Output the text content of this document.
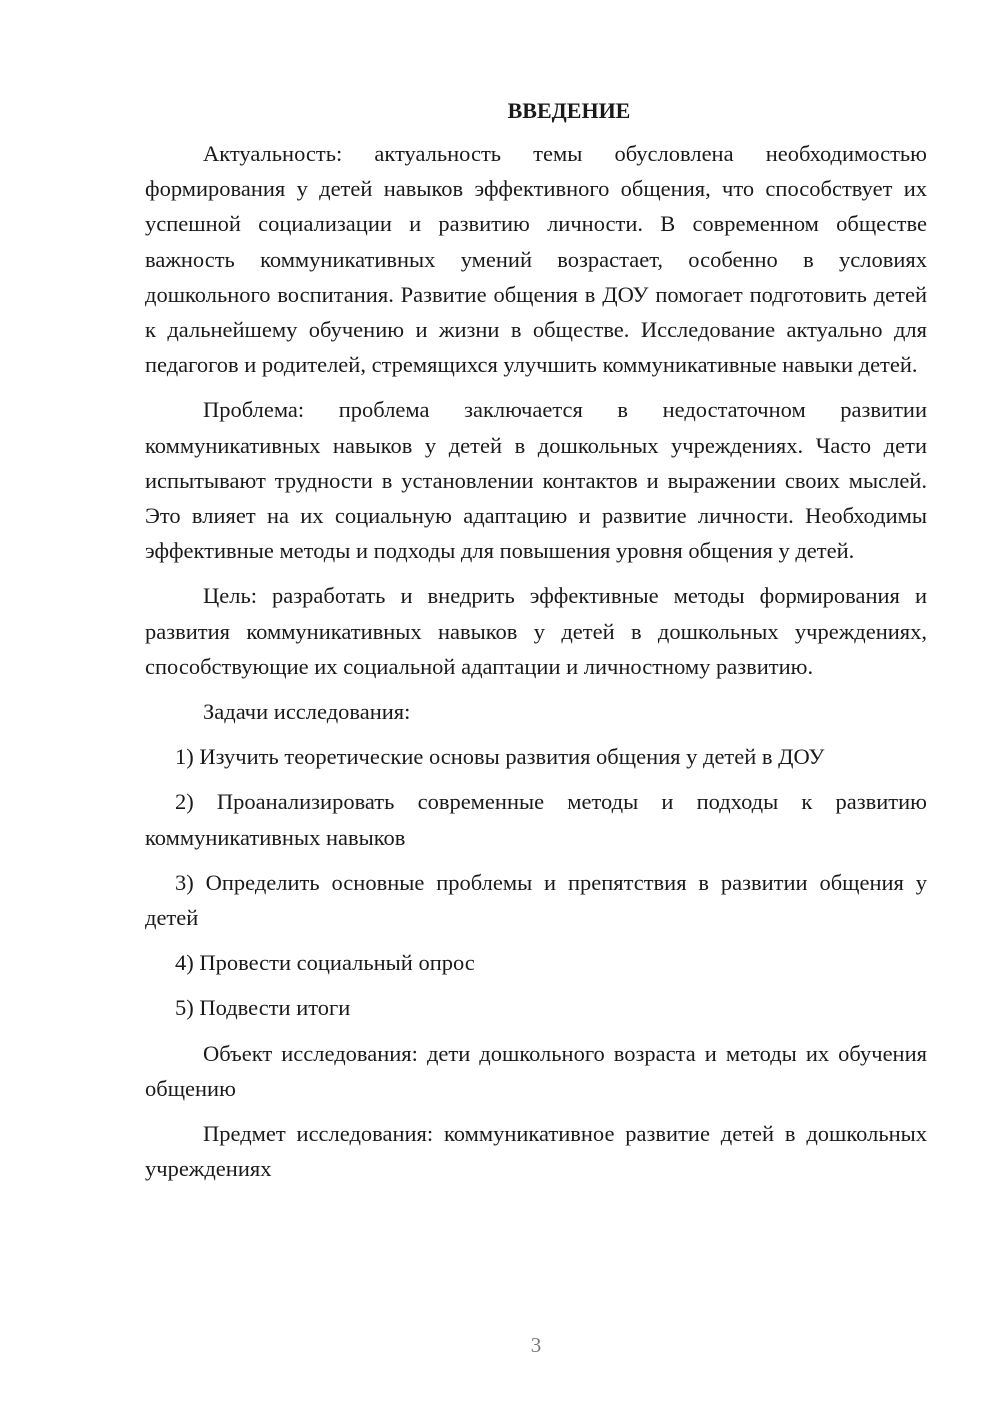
ВВЕДЕНИЕ

Актуальность: актуальность темы обусловлена необходимостью формирования у детей навыков эффективного общения, что способствует их успешной социализации и развитию личности. В современном обществе важность коммуникативных умений возрастает, особенно в условиях дошкольного воспитания. Развитие общения в ДОУ помогает подготовить детей к дальнейшему обучению и жизни в обществе. Исследование актуально для педагогов и родителей, стремящихся улучшить коммуникативные навыки детей.

Проблема: проблема заключается в недостаточном развитии коммуникативных навыков у детей в дошкольных учреждениях. Часто дети испытывают трудности в установлении контактов и выражении своих мыслей. Это влияет на их социальную адаптацию и развитие личности. Необходимы эффективные методы и подходы для повышения уровня общения у детей.

Цель: разработать и внедрить эффективные методы формирования и развития коммуникативных навыков у детей в дошкольных учреждениях, способствующие их социальной адаптации и личностному развитию.

Задачи исследования:

1) Изучить теоретические основы развития общения у детей в ДОУ

2) Проанализировать современные методы и подходы к развитию коммуникативных навыков

3) Определить основные проблемы и препятствия в развитии общения у детей

4) Провести социальный опрос

5) Подвести итоги

Объект исследования: дети дошкольного возраста и методы их обучения общению

Предмет исследования: коммуникативное развитие детей в дошкольных учреждениях

3
